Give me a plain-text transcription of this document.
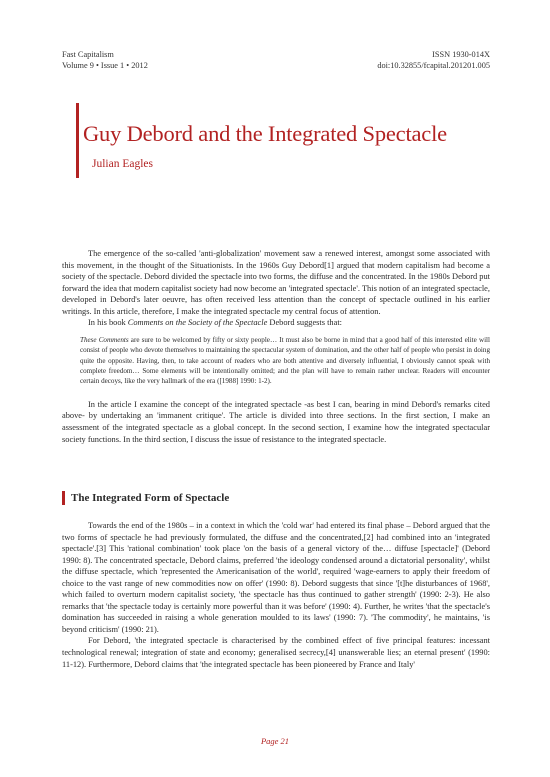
Fast Capitalism
Volume 9 • Issue 1 • 2012
ISSN 1930-014X
doi:10.32855/fcapital.201201.005
Guy Debord and the Integrated Spectacle
Julian Eagles

The emergence of the so-called 'anti-globalization' movement saw a renewed interest, amongst some associated with this movement, in the thought of the Situationists. In the 1960s Guy Debord[1] argued that modern capitalism had become a society of the spectacle. Debord divided the spectacle into two forms, the diffuse and the concentrated. In the 1980s Debord put forward the idea that modern capitalist society had now become an 'integrated spectacle'. This notion of an integrated spectacle, developed in Debord's later oeuvre, has often received less attention than the concept of spectacle outlined in his earlier writings. In this article, therefore, I make the integrated spectacle my central focus of attention.

In his book Comments on the Society of the Spectacle Debord suggests that:

These Comments are sure to be welcomed by fifty or sixty people… It must also be borne in mind that a good half of this interested elite will consist of people who devote themselves to maintaining the spectacular system of domination, and the other half of people who persist in doing quite the opposite. Having, then, to take account of readers who are both attentive and diversely influential, I obviously cannot speak with complete freedom… Some elements will be intentionally omitted; and the plan will have to remain rather unclear. Readers will encounter certain decoys, like the very hallmark of the era ([1988] 1990: 1-2).

In the article I examine the concept of the integrated spectacle -as best I can, bearing in mind Debord's remarks cited above- by undertaking an 'immanent critique'. The article is divided into three sections. In the first section, I make an assessment of the integrated spectacle as a global concept. In the second section, I examine how the integrated spectacular society functions. In the third section, I discuss the issue of resistance to the integrated spectacle.

The Integrated Form of Spectacle

Towards the end of the 1980s – in a context in which the 'cold war' had entered its final phase – Debord argued that the two forms of spectacle he had previously formulated, the diffuse and the concentrated,[2] had combined into an 'integrated spectacle'.[3] This 'rational combination' took place 'on the basis of a general victory of the… diffuse [spectacle]' (Debord 1990: 8). The concentrated spectacle, Debord claims, preferred 'the ideology condensed around a dictatorial personality', whilst the diffuse spectacle, which 'represented the Americanisation of the world', required 'wage-earners to apply their freedom of choice to the vast range of new commodities now on offer' (1990: 8). Debord suggests that since '[t]he disturbances of 1968', which failed to overturn modern capitalist society, 'the spectacle has thus continued to gather strength' (1990: 2-3). He also remarks that 'the spectacle today is certainly more powerful than it was before' (1990: 4). Further, he writes 'that the spectacle's domination has succeeded in raising a whole generation moulded to its laws' (1990: 7). 'The commodity', he maintains, 'is beyond criticism' (1990: 21).

For Debord, 'the integrated spectacle is characterised by the combined effect of five principal features: incessant technological renewal; integration of state and economy; generalised secrecy,[4] unanswerable lies; an eternal present' (1990: 11-12). Furthermore, Debord claims that 'the integrated spectacle has been pioneered by France and Italy'

Page 21
